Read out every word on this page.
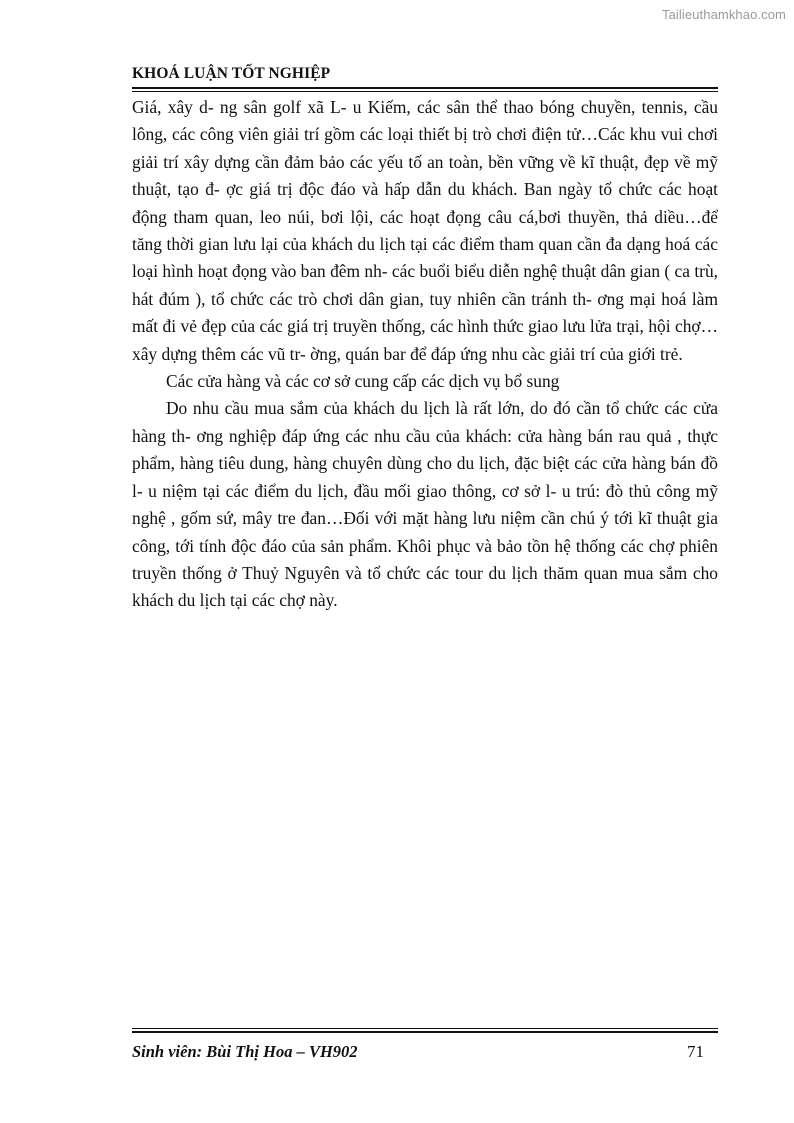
Tailieuthamkhao.com
KHOÁ LUẬN TỐT NGHIỆP

Giá, xây d- ng sân golf xã L- u Kiếm, các sân thể thao bóng chuyền, tennis, cầu lông, các công viên giải trí gồm các loại thiết bị trò chơi điện tử…Các khu vui chơi giải trí xây dựng cần đảm bảo các yếu tố an toàn, bền vững về kĩ thuật, đẹp về mỹ thuật, tạo đ- ợc giá trị độc đáo và hấp dẫn du khách. Ban ngày tổ chức các hoạt động tham quan, leo núi, bơi lội, các hoạt đọng câu cá,bơi thuyền, thả diều…để tăng thời gian lưu lại của khách du lịch tại các điểm tham quan cần đa dạng hoá các loại hình hoạt đọng vào ban đêm nh- các buổi biểu diễn nghệ thuật dân gian ( ca trù, hát đúm ), tổ chức các trò chơi dân gian, tuy nhiên cần tránh th- ơng mại hoá làm mất đi vẻ đẹp của các giá trị truyền thống, các hình thức giao lưu lửa trại, hội chợ…xây dựng thêm các vũ tr- ờng, quán bar để đáp ứng nhu càc giải trí của giới trẻ.

Các cửa hàng và các cơ sở cung cấp các dịch vụ bổ sung

Do nhu cầu mua sắm của khách du lịch là rất lớn, do đó cần tổ chức các cửa hàng th- ơng nghiệp đáp ứng các nhu cầu của khách: cửa hàng bán rau quả , thực phẩm, hàng tiêu dung, hàng chuyên dùng cho du lịch, đặc biệt các cửa hàng bán đồ l- u niệm tại các điểm du lịch, đầu mối giao thông, cơ sở l- u trú: đò thủ công mỹ nghệ , gốm sứ, mây tre đan…Đối với mặt hàng lưu niệm cần chú ý tới kĩ thuật gia công, tới tính độc đáo của sản phẩm. Khôi phục và bảo tồn hệ thống các chợ phiên truyền thống ở Thuỷ Nguyên và tổ chức các tour du lịch thăm quan mua sắm cho khách du lịch tại các chợ này.

Sinh viên: Bùi Thị Hoa – VH902	71
